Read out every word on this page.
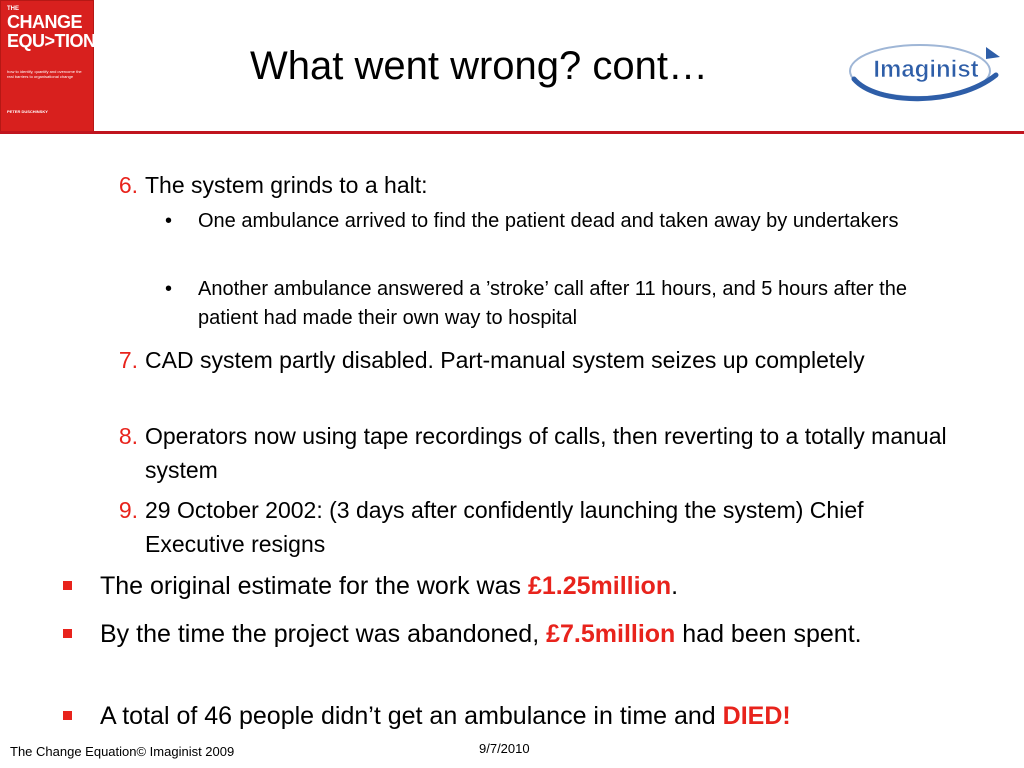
THE
CHANGE
EQU>TION
how to identify, quantify and overcome the real barriers to organisational change
PETER DUSCHINSKY
What went wrong? cont…	Imaginist
6. The system grinds to a halt:
• One ambulance arrived to find the patient dead and taken away by undertakers
• Another ambulance answered a ’stroke’ call after 11 hours, and 5 hours after the patient had made their own way to hospital
7. CAD system partly disabled. Part-manual system seizes up completely
8. Operators now using tape recordings of calls, then reverting to a totally manual system
9. 29 October 2002: (3 days after confidently launching the system) Chief Executive resigns
The original estimate for the work was £1.25million.
By the time the project was abandoned, £7.5million had been spent.
A total of 46 people didn’t get an ambulance in time and DIED!
The Change Equation© Imaginist 2009	9/7/2010
